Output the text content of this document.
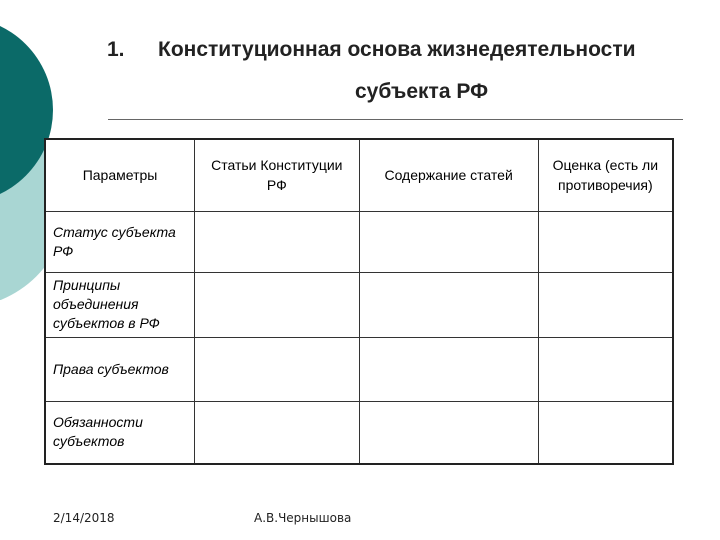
1. Конституционная основа жизнедеятельности
субъекта РФ
Параметры	Статьи Конституции РФ	Содержание статей	Оценка (есть ли противоречия)
Статус субъекта РФ			
Принципы объединения субъектов в РФ			
Права субъектов			
Обязанности субъектов			
2/14/2018	А.В.Чернышова
